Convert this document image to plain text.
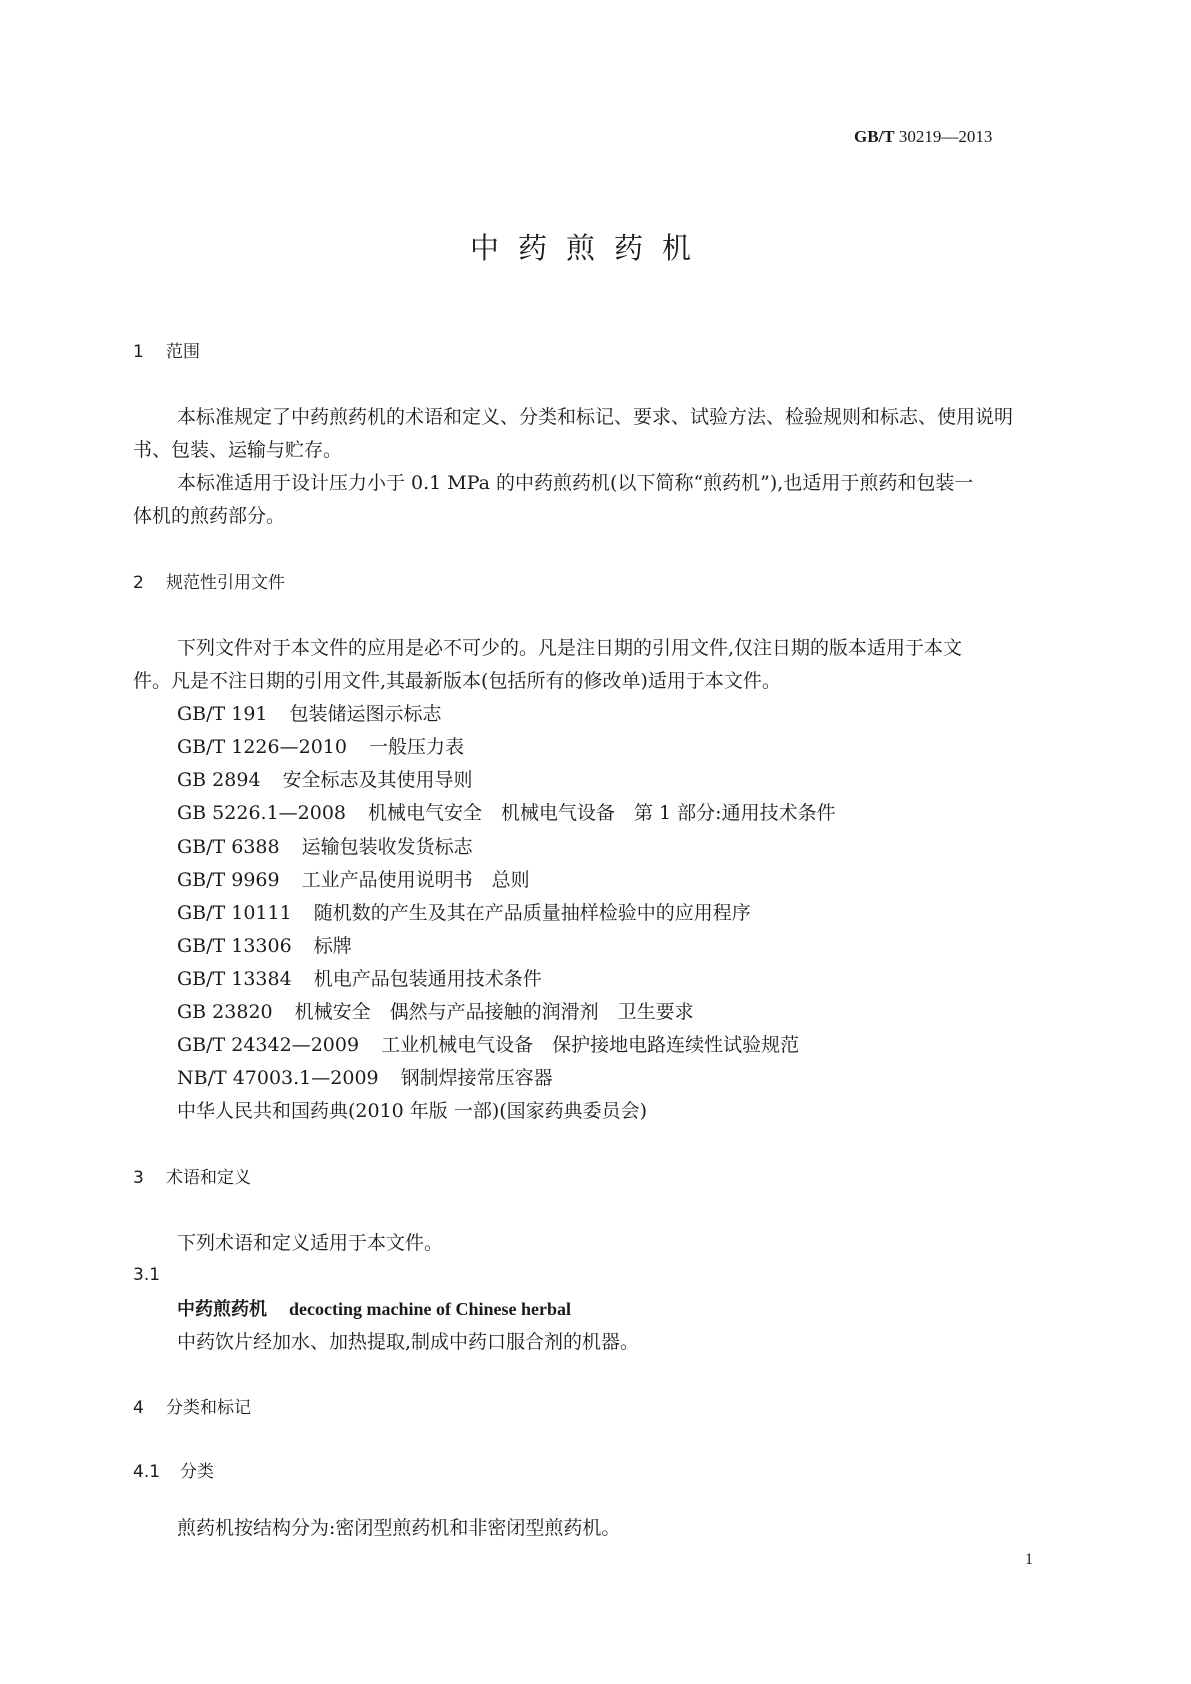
GB/T 30219—2013
中药煎药机
1 范围
本标准规定了中药煎药机的术语和定义、分类和标记、要求、试验方法、检验规则和标志、使用说明
书、包装、运输与贮存。
本标准适用于设计压力小于 0.1 MPa 的中药煎药机(以下简称“煎药机”),也适用于煎药和包装一
体机的煎药部分。
2 规范性引用文件
下列文件对于本文件的应用是必不可少的。凡是注日期的引用文件,仅注日期的版本适用于本文
件。凡是不注日期的引用文件,其最新版本(包括所有的修改单)适用于本文件。
GB/T 191 包装储运图示标志
GB/T 1226—2010 一般压力表
GB 2894 安全标志及其使用导则
GB 5226.1—2008 机械电气安全　机械电气设备　第 1 部分:通用技术条件
GB/T 6388 运输包装收发货标志
GB/T 9969 工业产品使用说明书　总则
GB/T 10111 随机数的产生及其在产品质量抽样检验中的应用程序
GB/T 13306 标牌
GB/T 13384 机电产品包装通用技术条件
GB 23820 机械安全　偶然与产品接触的润滑剂　卫生要求
GB/T 24342—2009 工业机械电气设备　保护接地电路连续性试验规范
NB/T 47003.1—2009 钢制焊接常压容器
中华人民共和国药典(2010 年版 一部)(国家药典委员会)
3 术语和定义
下列术语和定义适用于本文件。
3.1
中药煎药机 decocting machine of Chinese herbal
中药饮片经加水、加热提取,制成中药口服合剂的机器。
4 分类和标记
4.1 分类
煎药机按结构分为:密闭型煎药机和非密闭型煎药机。
1
